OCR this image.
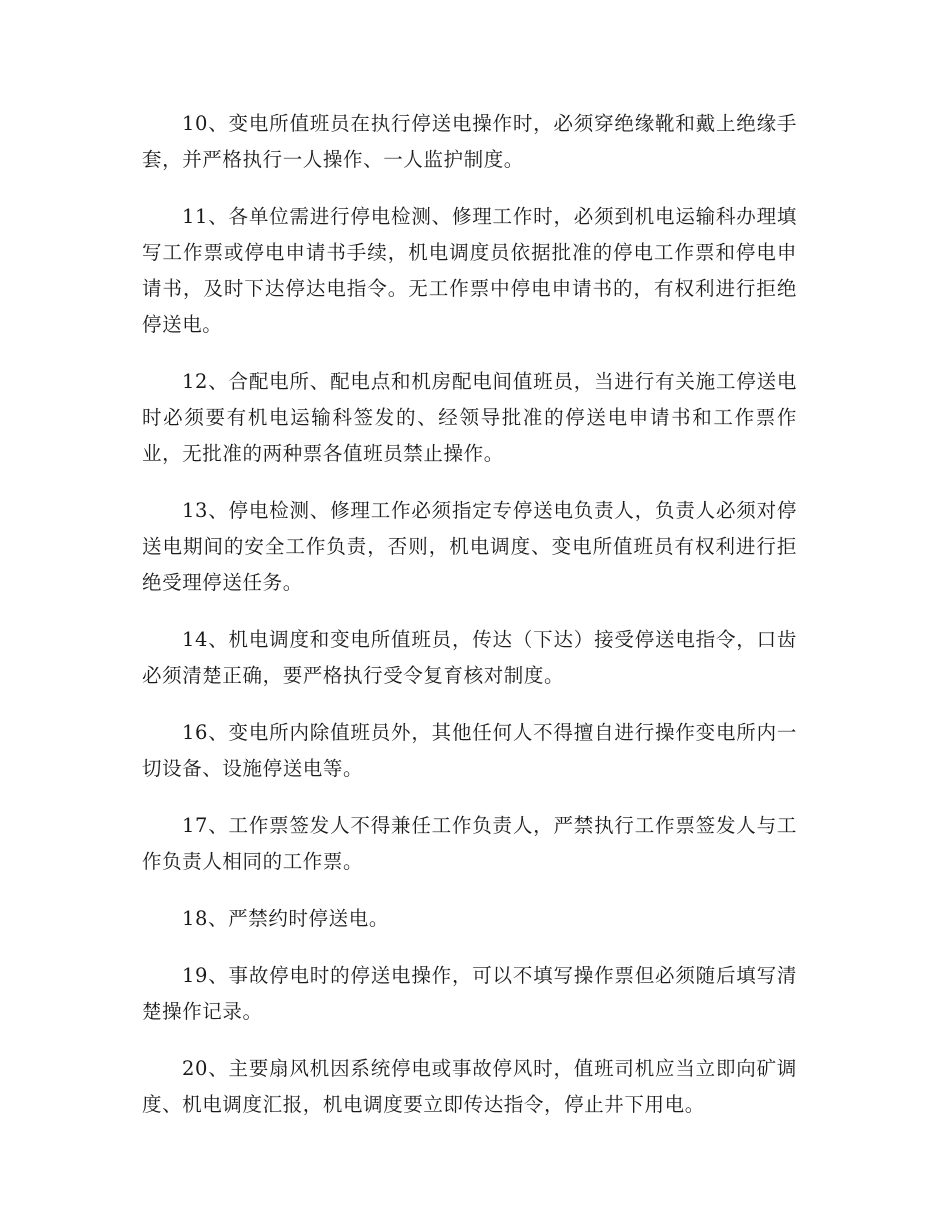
10、变电所值班员在执行停送电操作时，必须穿绝缘靴和戴上绝缘手套，并严格执行一人操作、一人监护制度。

11、各单位需进行停电检测、修理工作时，必须到机电运输科办理填写工作票或停电申请书手续，机电调度员依据批准的停电工作票和停电申请书，及时下达停达电指令。无工作票中停电申请书的，有权利进行拒绝停送电。

12、合配电所、配电点和机房配电间值班员，当进行有关施工停送电时必须要有机电运输科签发的、经领导批准的停送电申请书和工作票作业，无批准的两种票各值班员禁止操作。

13、停电检测、修理工作必须指定专停送电负责人，负责人必须对停送电期间的安全工作负责，否则，机电调度、变电所值班员有权利进行拒绝受理停送任务。

14、机电调度和变电所值班员，传达（下达）接受停送电指令，口齿必须清楚正确，要严格执行受令复育核对制度。

16、变电所内除值班员外，其他任何人不得擅自进行操作变电所内一切设备、设施停送电等。

17、工作票签发人不得兼任工作负责人，严禁执行工作票签发人与工作负责人相同的工作票。

18、严禁约时停送电。

19、事故停电时的停送电操作，可以不填写操作票但必须随后填写清楚操作记录。

20、主要扇风机因系统停电或事故停风时，值班司机应当立即向矿调度、机电调度汇报，机电调度要立即传达指令，停止井下用电。
